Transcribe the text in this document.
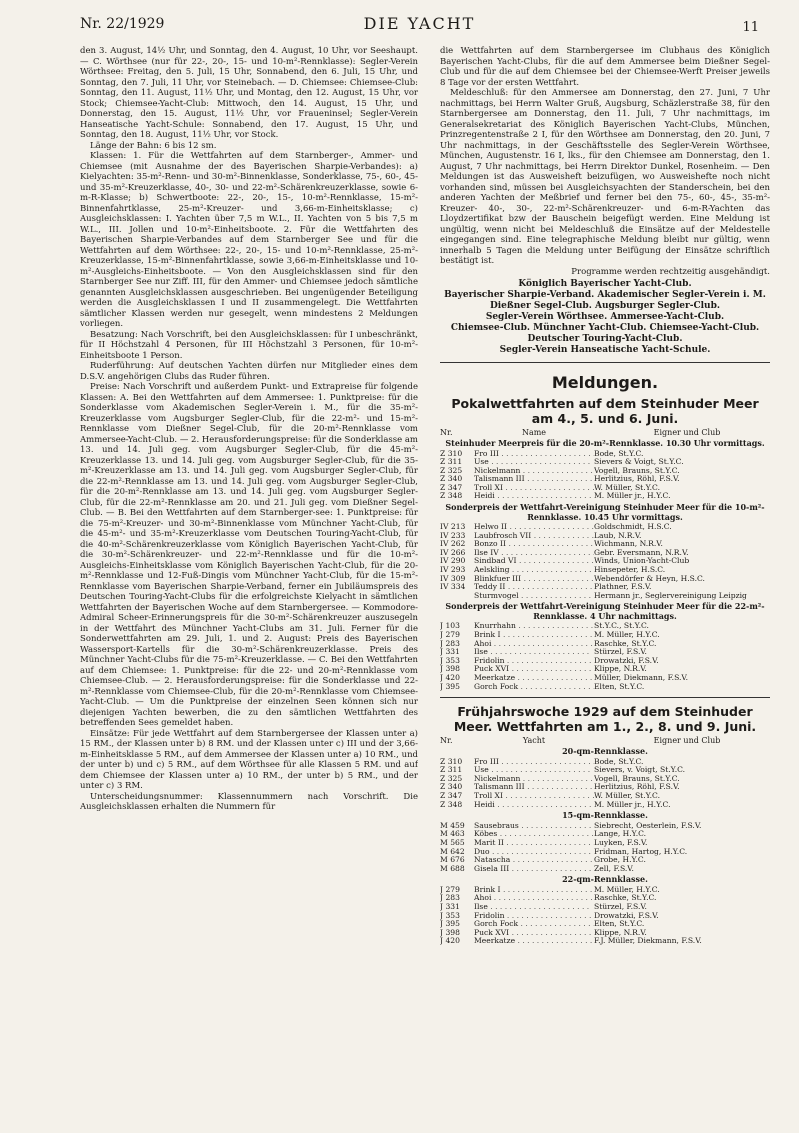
Nr. 22/1929	DIE YACHT	11

den 3. August, 14½ Uhr, und Sonntag, den 4. August, 10 Uhr, vor Seeshaupt. — C. Wörthsee (nur für 22-, 20-, 15- und 10-m²-Rennklasse): Segler-Verein Wörthsee: Freitag, den 5. Juli, 15 Uhr, Sonnabend, den 6. Juli, 15 Uhr, und Sonntag, den 7. Juli, 11 Uhr, vor Steinebach. — D. Chiemsee: Chiemsee-Club: Sonntag, den 11. August, 11½ Uhr, und Montag, den 12. August, 15 Uhr, vor Stock; Chiemsee-Yacht-Club: Mittwoch, den 14. August, 15 Uhr, und Donnerstag, den 15. August, 11½ Uhr, vor Fraueninsel; Segler-Verein Hanseatische Yacht-Schule: Sonnabend, den 17. August, 15 Uhr, und Sonntag, den 18. August, 11½ Uhr, vor Stock.

Länge der Bahn: 6 bis 12 sm.

Klassen: 1. Für die Wettfahrten auf dem Starnberger-, Ammer- und Chiemsee (mit Ausnahme der des Bayerischen Sharpie-Verbandes): a) Kielyachten: 35-m²-Renn- und 30-m²-Binnenklasse, Sonderklasse, 75-, 60-, 45- und 35-m²-Kreuzerklasse, 40-, 30- und 22-m²-Schärenkreuzerklasse, sowie 6-m-R-Klasse; b) Schwertboote: 22-, 20-, 15-, 10-m²-Rennklasse, 15-m²-Binnenfahrtklasse, 25-m²-Kreuzer- und 3,66-m-Einheitsklasse; c) Ausgleichsklassen: I. Yachten über 7,5 m W.L., II. Yachten von 5 bis 7,5 m W.L., III. Jollen und 10-m²-Einheitsboote. 2. Für die Wettfahrten des Bayerischen Sharpie-Verbandes auf dem Starnberger See und für die Wettfahrten auf dem Wörthsee: 22-, 20-, 15- und 10-m²-Rennklasse, 25-m²-Kreuzerklasse, 15-m²-Binnenfahrtklasse, sowie 3,66-m-Einheitsklasse und 10-m²-Ausgleichs-Einheitsboote. — Von den Ausgleichsklassen sind für den Starnberger See nur Ziff. III, für den Ammer- und Chiemsee jedoch sämtliche genannten Ausgleichsklassen ausgeschrieben. Bei ungenügender Beteiligung werden die Ausgleichsklassen I und II zusammengelegt. Die Wettfahrten sämtlicher Klassen werden nur gesegelt, wenn mindestens 2 Meldungen vorliegen.

Besatzung: Nach Vorschrift, bei den Ausgleichsklassen: für I unbeschränkt, für II Höchstzahl 4 Personen, für III Höchstzahl 3 Personen, für 10-m²-Einheitsboote 1 Person.

Ruderführung: Auf deutschen Yachten dürfen nur Mitglieder eines dem D.S.V. angehörigen Clubs das Ruder führen.

Preise: Nach Vorschrift und außerdem Punkt- und Extrapreise für folgende Klassen: A. Bei den Wettfahrten auf dem Ammersee: 1. Punktpreise: für die Sonderklasse vom Akademischen Segler-Verein i. M., für die 35-m²-Kreuzerklasse vom Augsburger Segler-Club, für die 22-m²- und 15-m²-Rennklasse vom Dießner Segel-Club, für die 20-m²-Rennklasse vom Ammersee-Yacht-Club. — 2. Herausforderungspreise: für die Sonderklasse am 13. und 14. Juli geg. vom Augsburger Segler-Club, für die 45-m²-Kreuzerklasse 13. und 14. Juli geg. vom Augsburger Segler-Club, für die 35-m²-Kreuzerklasse am 13. und 14. Juli geg. vom Augsburger Segler-Club, für die 22-m²-Rennklasse am 13. und 14. Juli geg. vom Augsburger Segler-Club, für die 20-m²-Rennklasse am 13. und 14. Juli geg. vom Augsburger Segler-Club, für die 22-m²-Rennklasse am 20. und 21. Juli geg. vom Dießner Segel-Club. — B. Bei den Wettfahrten auf dem Starnberger-see: 1. Punktpreise: für die 75-m²-Kreuzer- und 30-m²-Binnenklasse vom Münchner Yacht-Club, für die 45-m²- und 35-m²-Kreuzerklasse vom Deutschen Touring-Yacht-Club, für die 40-m²-Schärenkreuzerklasse vom Königlich Bayerischen Yacht-Club, für die 30-m²-Schärenkreuzer- und 22-m²-Rennklasse und für die 10-m²-Ausgleichs-Einheitsklasse vom Königlich Bayerischen Yacht-Club, für die 20-m²-Rennklasse und 12-Fuß-Dingis vom Münchner Yacht-Club, für die 15-m²-Rennklasse vom Bayerischen Sharpie-Verband, ferner ein Jubiläumspreis des Deutschen Touring-Yacht-Clubs für die erfolgreichste Kielyacht in sämtlichen Wettfahrten der Bayerischen Woche auf dem Starnbergersee. — Kommodore-Admiral Scheer-Erinnerungspreis für die 30-m²-Schärenkreuzer auszusegeln in der Wettfahrt des Münchner Yacht-Clubs am 31. Juli. Ferner für die Sonderwettfahrten am 29. Juli, 1. und 2. August: Preis des Bayerischen Wassersport-Kartells für die 30-m²-Schärenkreuzerklasse. Preis des Münchner Yacht-Clubs für die 75-m²-Kreuzerklasse. — C. Bei den Wettfahrten auf dem Chiemsee: 1. Punktpreise: für die 22- und 20-m²-Rennklasse vom Chiemsee-Club. — 2. Herausforderungspreise: für die Sonderklasse und 22-m²-Rennklasse vom Chiemsee-Club, für die 20-m²-Rennklasse vom Chiemsee-Yacht-Club. — Um die Punktpreise der einzelnen Seen können sich nur diejenigen Yachten bewerben, die zu den sämtlichen Wettfahrten des betreffenden Sees gemeldet haben.

Einsätze: Für jede Wettfahrt auf dem Starnbergersee der Klassen unter a) 15 RM., der Klassen unter b) 8 RM. und der Klassen unter c) III und der 3,66-m-Einheitsklasse 5 RM., auf dem Ammersee der Klassen unter a) 10 RM., und der unter b) und c) 5 RM., auf dem Wörthsee für alle Klassen 5 RM. und auf dem Chiemsee der Klassen unter a) 10 RM., der unter b) 5 RM., und der unter c) 3 RM.

Unterscheidungsnummer: Klassennummern nach Vorschrift. Die Ausgleichsklassen erhalten die Nummern für

die Wettfahrten auf dem Starnbergersee im Clubhaus des Königlich Bayerischen Yacht-Clubs, für die auf dem Ammersee beim Dießner Segel-Club und für die auf dem Chiemsee bei der Chiemsee-Werft Preiser jeweils 8 Tage vor der ersten Wettfahrt.

Meldeschluß: für den Ammersee am Donnerstag, den 27. Juni, 7 Uhr nachmittags, bei Herrn Walter Gruß, Augsburg, Schäzlerstraße 38, für den Starnbergersee am Donnerstag, den 11. Juli, 7 Uhr nachmittags, im Generalsekretariat des Königlich Bayerischen Yacht-Clubs, München, Prinzregentenstraße 2 I, für den Wörthsee am Donnerstag, den 20. Juni, 7 Uhr nachmittags, in der Geschäftsstelle des Segler-Verein Wörthsee, München, Augustenstr. 16 I, lks., für den Chiemsee am Donnerstag, den 1. August, 7 Uhr nachmittags, bei Herrn Direktor Dunkel, Rosenheim. — Den Meldungen ist das Ausweisheft beizufügen, wo Ausweishefte noch nicht vorhanden sind, müssen bei Ausgleichsyachten der Standerschein, bei den anderen Yachten der Meßbrief und ferner bei den 75-, 60-, 45-, 35-m²-Kreuzer- 40-, 30-, 22-m²-Schärenkreuzer- und 6-m-R-Yachten das Lloydzertifikat bzw der Bauschein beigefügt werden. Eine Meldung ist ungültig, wenn nicht bei Meldeschluß die Einsätze auf der Meldestelle eingegangen sind. Eine telegraphische Meldung bleibt nur gültig, wenn innerhalb 5 Tagen die Meldung unter Beifügung der Einsätze schriftlich bestätigt ist.

Programme werden rechtzeitig ausgehändigt.

Königlich Bayerischer Yacht-Club.

Bayerischer Sharpie-Verband. Akademischer Segler-Verein i. M.

Dießner Segel-Club. Augsburger Segler-Club.

Segler-Verein Wörthsee. Ammersee-Yacht-Club.

Chiemsee-Club. Münchner Yacht-Club. Chiemsee-Yacht-Club.

Deutscher Touring-Yacht-Club.

Segler-Verein Hanseatische Yacht-Schule.

Meldungen.
Pokalwettfahrten auf dem Steinhuder Meer am 4., 5. und 6. Juni.
Nr.	Name	Eigner und Club
Steinhuder Meerpreis für die 20-m²-Rennklasse. 10.30 Uhr vormittags.
Z 310	Fro III . . .	Bode, St.Y.C.
Z 311	Use . . .	Sievers & Voigt, St.Y.C.
Z 325	Nickelmann . . .	Vogell, Brauns, St.Y.C.
Z 340	Talismann III . . .	Herlitzius, Röhl, F.S.V.
Z 347	Troll XI . . .	W. Müller, St.Y.C.
Z 348	Heidi . . .	M. Müller jr., H.Y.C.
Sonderpreis der Wettfahrt-Vereinigung Steinhuder Meer für die 10-m²-Rennklasse. 10.45 Uhr vormittags.
IV 213	Helwo II . . .	Goldschmidt, H.S.C.
IV 233	Laubfrosch VII . . .	Laub, N.R.V.
IV 262	Bonzo II . . .	Wichmann, N.R.V.
IV 266	Ilse IV . . .	Gebr. Eversmann, N.R.V.
IV 290	Sindbad VI . . .	Winds, Union-Yacht-Club
IV 293	Aelskling . . .	Hinsepeter, H.S.C.
IV 309	Blinkfuer III . . .	Webendörfer & Heyn, H.S.C.
IV 334	Teddy II . . .	Plathner, F.S.V.
Sturmvogel . . .	Hermann jr., Seglervereinigung Leipzig
Sonderpreis der Wettfahrt-Vereinigung Steinhuder Meer für die 22-m²-Rennklasse. 4 Uhr nachmittags.
J 103	Knurrhahn . . .	St.Y.C., St.Y.C.
J 279	Brink I . . .	M. Müller, H.Y.C.
J 283	Ahoi . . .	Raschke, St.Y.C.
J 331	Ilse . . .	Stürzel, F.S.V.
J 353	Fridolin . . .	Drowatzki, F.S.V.
J 398	Puck XVI . . .	Klippe, N.R.V.
J 420	Meerkatze . . .	Müller, Diekmann, F.S.V.
J 395	Gorch Fock . . .	Elten, St.Y.C.
Frühjahrswoche 1929 auf dem Steinhuder Meer. Wettfahrten am 1., 2., 8. und 9. Juni.
Nr.	Yacht	Eigner und Club
20-qm-Rennklasse.
Z 310	Fro III . . .	Bode, St.Y.C.
Z 311	Use . . .	Sievers, v. Voigt, St.Y.C.
Z 325	Nickelmann . . .	Vogell, Brauns, St.Y.C.
Z 340	Talismann III . . .	Herlitzius, Röhl, F.S.V.
Z 347	Troll XI . . .	W. Müller, St.Y.C.
Z 348	Heidi . . .	M. Müller jr., H.Y.C.
15-qm-Rennklasse.
M 459	Sausebraus . . .	Siebrecht, Oesterlein, F.S.V.
M 463	Köbes . . .	Lange, H.Y.C.
M 565	Marit II . . .	Luyken, F.S.V.
M 642	Duo . . .	Fridman, Hartog, H.Y.C.
M 676	Natascha . . .	Grobe, H.Y.C.
M 688	Gisela III . . .	Zell, F.S.V.
22-qm-Rennklasse.
J 279	Brink I . . .	M. Müller, H.Y.C.
J 283	Ahoi . . .	Raschke, St.Y.C.
J 331	Ilse . . .	Stürzel, F.S.V.
J 353	Fridolin . . .	Drowatzki, F.S.V.
J 395	Gorch Fock . . .	Elten, St.Y.C.
J 398	Puck XVI . . .	Klippe, N.R.V.
J 420	Meerkatze . . .	F.J. Müller, Diekmann, F.S.V.
